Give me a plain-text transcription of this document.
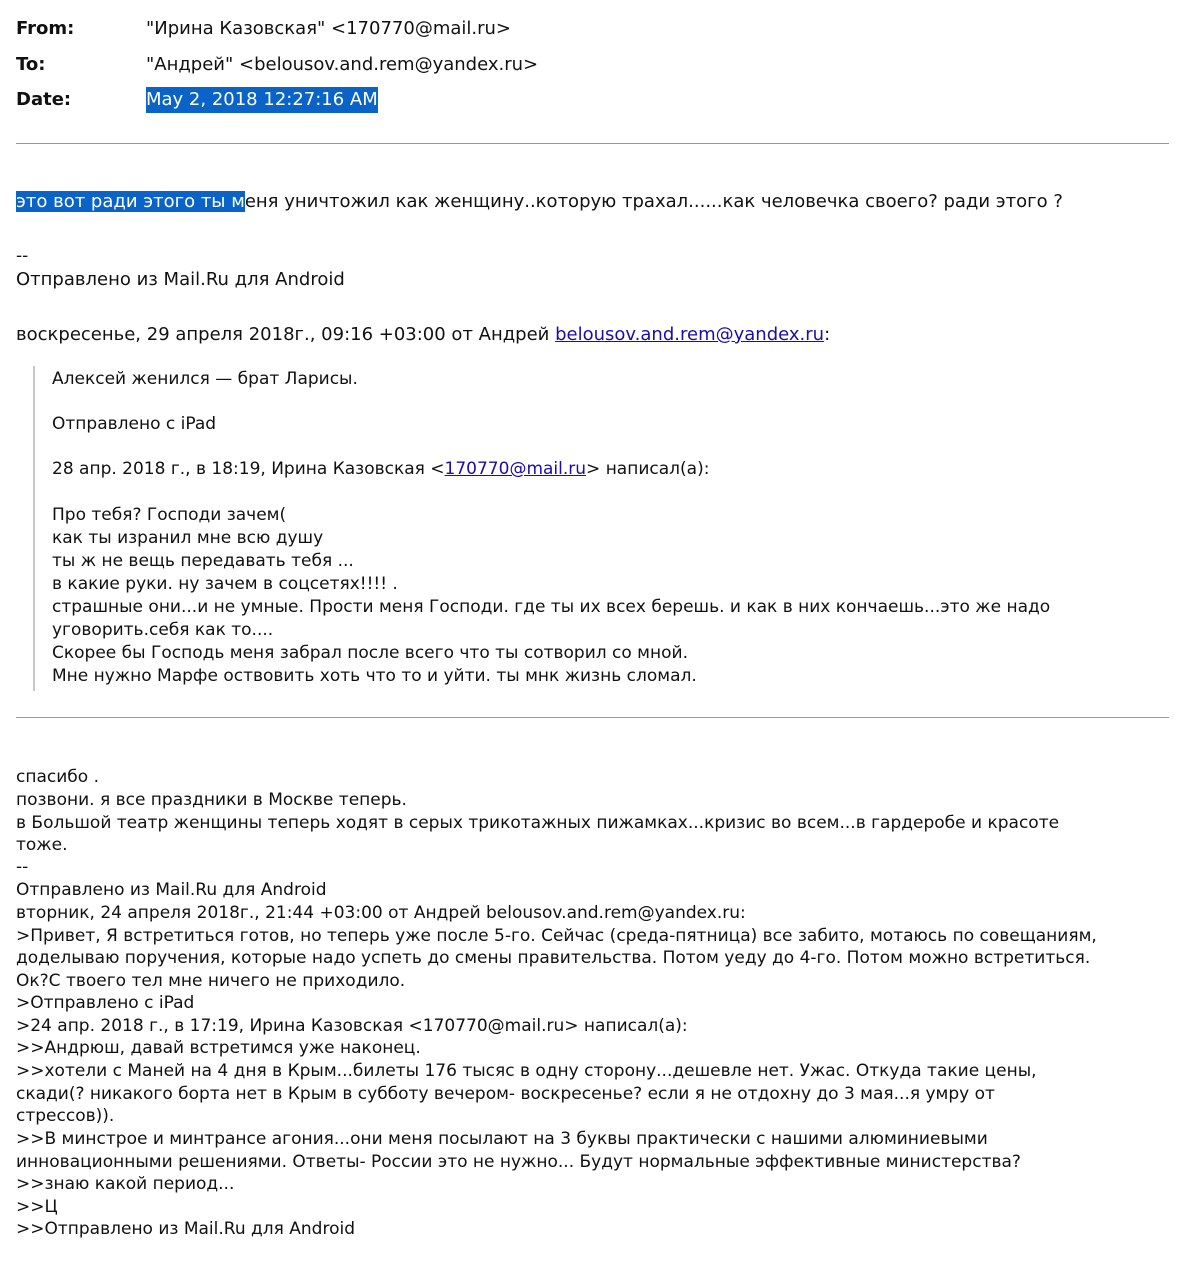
From:	"Ирина Казовская" <170770@mail.ru>
To:	"Андрей" <belousov.and.rem@yandex.ru>
Date:	May 2, 2018 12:27:16 AM
это вот ради этого ты меня уничтожил как женщину..которую трахал......как человечка своего? ради этого ?
--
Отправлено из Mail.Ru для Android
воскресенье, 29 апреля 2018г., 09:16 +03:00 от Андрей belousov.and.rem@yandex.ru:
Алексей женился — брат Ларисы.
Отправлено с iPad
28 апр. 2018 г., в 18:19, Ирина Казовская <170770@mail.ru> написал(а):
Про тебя? Господи зачем(
как ты изранил мне всю душу
ты ж не вещь передавать тебя ...
в какие руки. ну зачем в соцсетях!!!! .
страшные они...и не умные. Прости меня Господи. где ты их всех берешь. и как в них кончаешь...это же надо
уговорить.себя как то....
Скорее бы Господь меня забрал после всего что ты сотворил со мной.
Мне нужно Марфе оствовить хоть что то и уйти. ты мнк жизнь сломал.
спасибо .
позвони. я все праздники в Москве теперь.
в Большой театр женщины теперь ходят в серых трикотажных пижамках...кризис во всем...в гардеробе и красоте
тоже.
--
Отправлено из Mail.Ru для Android
вторник, 24 апреля 2018г., 21:44 +03:00 от Андрей belousov.and.rem@yandex.ru:
>Привет, Я встретиться готов, но теперь уже после 5-го. Сейчас (среда-пятница) все забито, мотаюсь по совещаниям,
доделываю поручения, которые надо успеть до смены правительства. Потом уеду до 4-го. Потом можно встретиться.
Ок?С твоего тел мне ничего не приходило.
>Отправлено с iPad
>24 апр. 2018 г., в 17:19, Ирина Казовская <170770@mail.ru> написал(а):
>>Андрюш, давай встретимся уже наконец.
>>хотели с Маней на 4 дня в Крым...билеты 176 тысяс в одну сторону...дешевле нет. Ужас. Откуда такие цены,
скади(? никакого борта нет в Крым в субботу вечером- воскресенье? если я не отдохну до 3 мая...я умру от
стрессов)).
>>В минстрое и минтрансе агония...они меня посылают на 3 буквы практически с нашими алюминиевыми
инновационными решениями. Ответы- России это не нужно... Будут нормальные эффективные министерства?
>>знаю какой период...
>>Ц
>>Отправлено из Mail.Ru для Android
